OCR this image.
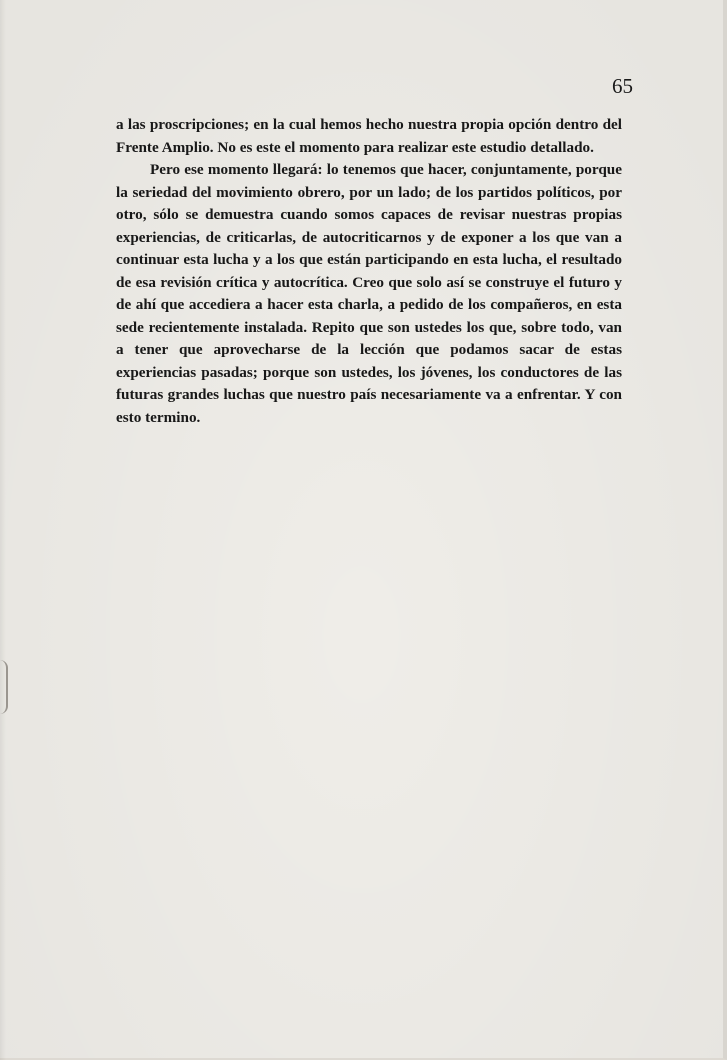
65

a las proscripciones; en la cual hemos hecho nuestra propia opción dentro del Frente Amplio. No es este el momento para realizar este estudio detallado.

Pero ese momento llegará: lo tenemos que hacer, conjuntamente, porque la seriedad del movimiento obrero, por un lado; de los partidos políticos, por otro, sólo se demuestra cuando somos capaces de revisar nuestras propias experiencias, de criticarlas, de autocriticarnos y de exponer a los que van a continuar esta lucha y a los que están participando en esta lucha, el resultado de esa revisión crítica y autocrítica. Creo que solo así se construye el futuro y de ahí que accediera a hacer esta charla, a pedido de los compañeros, en esta sede recientemente instalada. Repito que son ustedes los que, sobre todo, van a tener que aprovecharse de la lección que podamos sacar de estas experiencias pasadas; porque son ustedes, los jóvenes, los conductores de las futuras grandes luchas que nuestro país necesariamente va a enfrentar. Y con esto termino.
